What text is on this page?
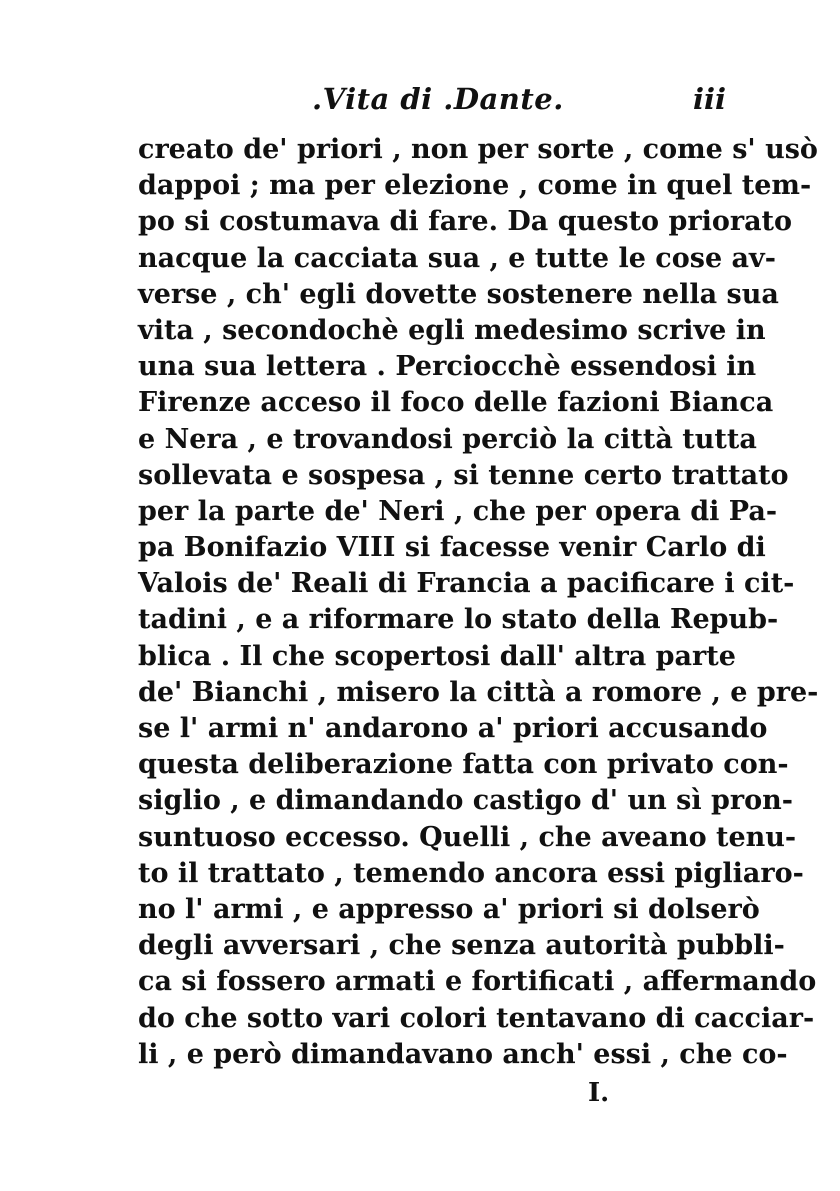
.Vita di .Dante.	iii
creato de' priori , non per sorte , come s' usò
dappoi ; ma per elezione , come in quel tem-
po si costumava di fare. Da questo priorato
nacque la cacciata sua , e tutte le cose av-
verse , ch' egli dovette sostenere nella sua
vita , secondochè egli medesimo scrive in
una sua lettera . Perciocchè essendosi in
Firenze acceso il foco delle fazioni Bianca
e Nera , e trovandosi perciò la città tutta
sollevata e sospesa , si tenne certo trattato
per la parte de' Neri , che per opera di Pa-
pa Bonifazio VIII si facesse venir Carlo di
Valois de' Reali di Francia a pacificare i cit-
tadini , e a riformare lo stato della Repub-
blica . Il che scopertosi dall' altra parte
de' Bianchi , misero la città a romore , e pre-
se l' armi n' andarono a' priori accusando
questa deliberazione fatta con privato con-
siglio , e dimandando castigo d' un sì pron-
suntuoso eccesso. Quelli , che aveano tenu-
to il trattato , temendo ancora essi pigliaro-
no l' armi , e appresso a' priori si dolserò
degli avversari , che senza autorità pubbli-
ca si fossero armati e fortificati , affermando
do che sotto vari colori tentavano di cacciar-
li , e però dimandavano anch' essi , che co-
I.
